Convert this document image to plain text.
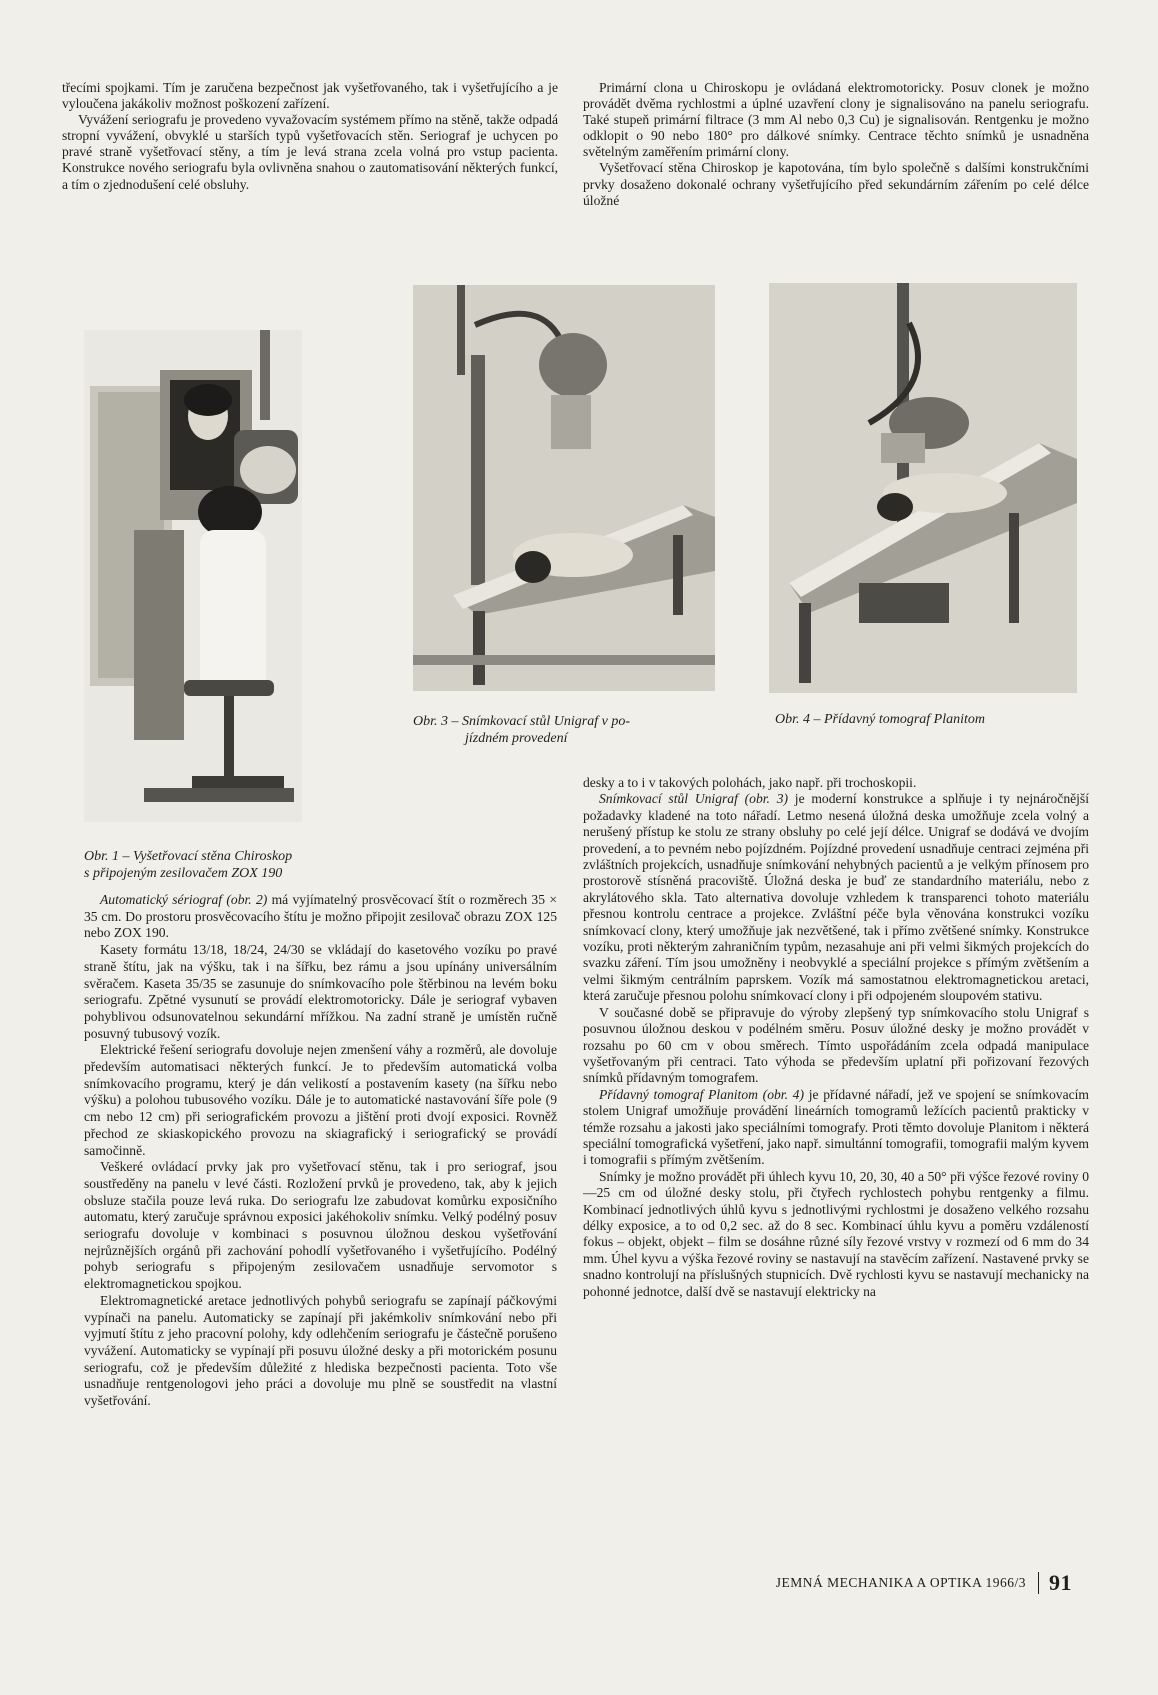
třecími spojkami. Tím je zaručena bezpečnost jak vyšetřovaného, tak i vyšetřujícího a je vyloučena jakákoliv možnost poškození zařízení.

Vyvážení seriografu je provedeno vyvažovacím systémem přímo na stěně, takže odpadá stropní vyvážení, obvyklé u starších typů vyšetřovacích stěn. Seriograf je uchycen po pravé straně vyšetřovací stěny, a tím je levá strana zcela volná pro vstup pacienta. Konstrukce nového seriografu byla ovlivněna snahou o zautomatisování některých funkcí, a tím o zjednodušení celé obsluhy.

Primární clona u Chiroskopu je ovládaná elektromotoricky. Posuv clonek je možno provádět dvěma rychlostmi a úplné uzavření clony je signalisováno na panelu seriografu. Také stupeň primární filtrace (3 mm Al nebo 0,3 Cu) je signalisován. Rentgenku je možno odklopit o 90 nebo 180° pro dálkové snímky. Centrace těchto snímků je usnadněna světelným zaměřením primární clony.

Vyšetřovací stěna Chiroskop je kapotována, tím bylo společně s dalšími konstrukčními prvky dosaženo dokonalé ochrany vyšetřujícího před sekundárním zářením po celé délce úložné

Obr. 3 – Snímkovací stůl Unigraf v po-
jízdném provedení
Obr. 4 – Přídavný tomograf Planitom
Obr. 1 – Vyšetřovací stěna Chiroskop
s připojeným zesilovačem ZOX 190

Automatický sériograf (obr. 2) má vyjímatelný prosvěcovací štít o rozměrech 35 × 35 cm. Do prostoru prosvěcovacího štítu je možno připojit zesilovač obrazu ZOX 125 nebo ZOX 190.

Kasety formátu 13/18, 18/24, 24/30 se vkládají do kasetového vozíku po pravé straně štítu, jak na výšku, tak i na šířku, bez rámu a jsou upínány universálním svěračem. Kaseta 35/35 se zasunuje do snímkovacího pole štěrbinou na levém boku seriografu. Zpětné vysunutí se provádí elektromotoricky. Dále je seriograf vybaven pohyblivou odsunovatelnou sekundární mřížkou. Na zadní straně je umístěn ručně posuvný tubusový vozík.

Elektrické řešení seriografu dovoluje nejen zmenšení váhy a rozměrů, ale dovoluje především automatisaci některých funkcí. Je to především automatická volba snímkovacího programu, který je dán velikostí a postavením kasety (na šířku nebo výšku) a polohou tubusového vozíku. Dále je to automatické nastavování šíře pole (9 cm nebo 12 cm) při seriografickém provozu a jištění proti dvojí exposici. Rovněž přechod ze skiaskopického provozu na skiagrafický i seriografický se provádí samočinně.

Veškeré ovládací prvky jak pro vyšetřovací stěnu, tak i pro seriograf, jsou soustředěny na panelu v levé části. Rozložení prvků je provedeno, tak, aby k jejich obsluze stačila pouze levá ruka. Do seriografu lze zabudovat komůrku exposičního automatu, který zaručuje správnou exposici jakéhokoliv snímku. Velký podélný posuv seriografu dovoluje v kombinaci s posuvnou úložnou deskou vyšetřování nejrůznějších orgánů při zachování pohodlí vyšetřovaného i vyšetřujícího. Podélný pohyb seriografu s připojeným zesilovačem usnadňuje servomotor s elektromagnetickou spojkou.

Elektromagnetické aretace jednotlivých pohybů seriografu se zapínají páčkovými vypínači na panelu. Automaticky se zapínají při jakémkoliv snímkování nebo při vyjmutí štítu z jeho pracovní polohy, kdy odlehčením seriografu je částečně porušeno vyvážení. Automaticky se vypínají při posuvu úložné desky a při motorickém posunu seriografu, což je především důležité z hlediska bezpečnosti pacienta. Toto vše usnadňuje rentgenologovi jeho práci a dovoluje mu plně se soustředit na vlastní vyšetřování.

desky a to i v takových polohách, jako např. při trochoskopii.

Snímkovací stůl Unigraf (obr. 3) je moderní konstrukce a splňuje i ty nejnáročnější požadavky kladené na toto nářadí. Letmo nesená úložná deska umožňuje zcela volný a nerušený přístup ke stolu ze strany obsluhy po celé její délce. Unigraf se dodává ve dvojím provedení, a to pevném nebo pojízdném. Pojízdné provedení usnadňuje centraci zejména při zvláštních projekcích, usnadňuje snímkování nehybných pacientů a je velkým přínosem pro prostorově stísněná pracoviště. Úložná deska je buď ze standardního materiálu, nebo z akrylátového skla. Tato alternativa dovoluje vzhledem k transparenci tohoto materiálu přesnou kontrolu centrace a projekce. Zvláštní péče byla věnována konstrukci vozíku snímkovací clony, který umožňuje jak nezvětšené, tak i přímo zvětšené snímky. Konstrukce vozíku, proti některým zahraničním typům, nezasahuje ani při velmi šikmých projekcích do svazku záření. Tím jsou umožněny i neobvyklé a speciální projekce s přímým zvětšením a velmi šikmým centrálním paprskem. Vozík má samostatnou elektromagnetickou aretaci, která zaručuje přesnou polohu snímkovací clony i při odpojeném sloupovém stativu.

V současné době se připravuje do výroby zlepšený typ snímkovacího stolu Unigraf s posuvnou úložnou deskou v podélném směru. Posuv úložné desky je možno provádět v rozsahu po 60 cm v obou směrech. Tímto uspořádáním zcela odpadá manipulace vyšetřovaným při centraci. Tato výhoda se především uplatní při pořizovaní řezových snímků přídavným tomografem.

Přídavný tomograf Planitom (obr. 4) je přídavné nářadí, jež ve spojení se snímkovacím stolem Unigraf umožňuje provádění lineárních tomogramů ležících pacientů prakticky v témže rozsahu a jakosti jako speciálními tomografy. Proti těmto dovoluje Planitom i některá speciální tomografická vyšetření, jako např. simultánní tomografii, tomografii malým kyvem i tomografii s přímým zvětšením.

Snímky je možno provádět při úhlech kyvu 10, 20, 30, 40 a 50° při výšce řezové roviny 0—25 cm od úložné desky stolu, při čtyřech rychlostech pohybu rentgenky a filmu. Kombinací jednotlivých úhlů kyvu s jednotlivými rychlostmi je dosaženo velkého rozsahu délky exposice, a to od 0,2 sec. až do 8 sec. Kombinací úhlu kyvu a poměru vzdáleností fokus – objekt, objekt – film se dosáhne různé síly řezové vrstvy v rozmezí od 6 mm do 34 mm. Úhel kyvu a výška řezové roviny se nastavují na stavěcím zařízení. Nastavené prvky se snadno kontrolují na příslušných stupnicích. Dvě rychlosti kyvu se nastavují mechanicky na pohonné jednotce, další dvě se nastavují elektricky na

JEMNÁ MECHANIKA A OPTIKA 1966/3 91
